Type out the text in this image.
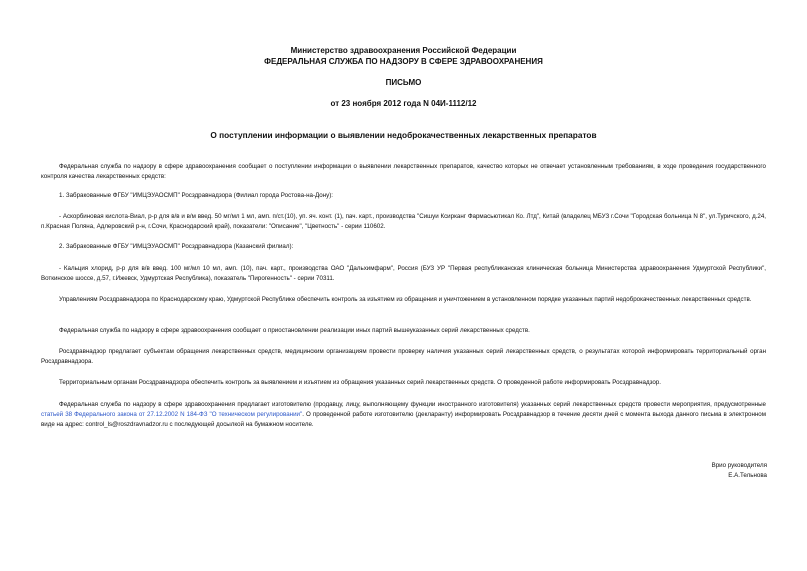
Министерство здравоохранения Российской Федерации
ФЕДЕРАЛЬНАЯ СЛУЖБА ПО НАДЗОРУ В СФЕРЕ ЗДРАВООХРАНЕНИЯ
ПИСЬМО
от 23 ноября 2012 года N 04И-1112/12
О поступлении информации о выявлении недоброкачественных лекарственных препаратов

Федеральная служба по надзору в сфере здравоохранения сообщает о поступлении информации о выявлении лекарственных препаратов, качество которых не отвечает установленным требованиям, в ходе проведения государственного контроля качества лекарственных средств:

1. Забракованные ФГБУ "ИМЦЭУАОСМП" Росздравнадзора (Филиал города Ростова-на-Дону):

- Аскорбиновая кислота-Виал, р-р для в/в и в/м введ. 50 мг/мл 1 мл, амп. п/ст.(10), уп. яч. конт. (1), пач. карт., производства "Сишуи Ксирканг Фармасьютикал Ко. Лтд", Китай (владелец МБУЗ г.Сочи "Городская больница N 8", ул.Туричского, д.24, п.Красная Поляна, Адлеровский р-н, г.Сочи, Краснодарский край), показатели: "Описание", "Цветность" - серии 110602.

2. Забракованные ФГБУ "ИМЦЭУАОСМП" Росздравнадзора (Казанский филиал):

- Кальция хлорид, р-р для в/в введ. 100 мг/мл 10 мл, амп. (10), пач. карт., производства ОАО "Дальхимфарм", Россия (БУЗ УР "Первая республиканская клиническая больница Министерства здравоохранения Удмуртской Республики", Воткинское шоссе, д.57, г.Ижевск, Удмуртская Республика), показатель "Пирогенность" - серии 70311.

Управлениям Росздравнадзора по Краснодарскому краю, Удмуртской Республике обеспечить контроль за изъятием из обращения и уничтожением в установленном порядке указанных партий недоброкачественных лекарственных средств.

Федеральная служба по надзору в сфере здравоохранения сообщает о приостановлении реализации иных партий вышеуказанных серий лекарственных средств.

Росздравнадзор предлагает субъектам обращения лекарственных средств, медицинским организациям провести проверку наличия указанных серий лекарственных средств, о результатах которой информировать территориальный орган Росздравнадзора.

Территориальным органам Росздравнадзора обеспечить контроль за выявлением и изъятием из обращения указанных серий лекарственных средств. О проведенной работе информировать Росздравнадзор.

Федеральная служба по надзору в сфере здравоохранения предлагает изготовителю (продавцу, лицу, выполняющему функции иностранного изготовителя) указанных серий лекарственных средств провести мероприятия, предусмотренные статьей 38 Федерального закона от 27.12.2002 N 184-ФЗ "О техническом регулировании". О проведенной работе изготовителю (декларанту) информировать Росздравнадзор в течение десяти дней с момента выхода данного письма в электронном виде на адрес: control_ls@roszdravnadzor.ru с последующей досылкой на бумажном носителе.

Врио руководителя
Е.А.Тельнова
